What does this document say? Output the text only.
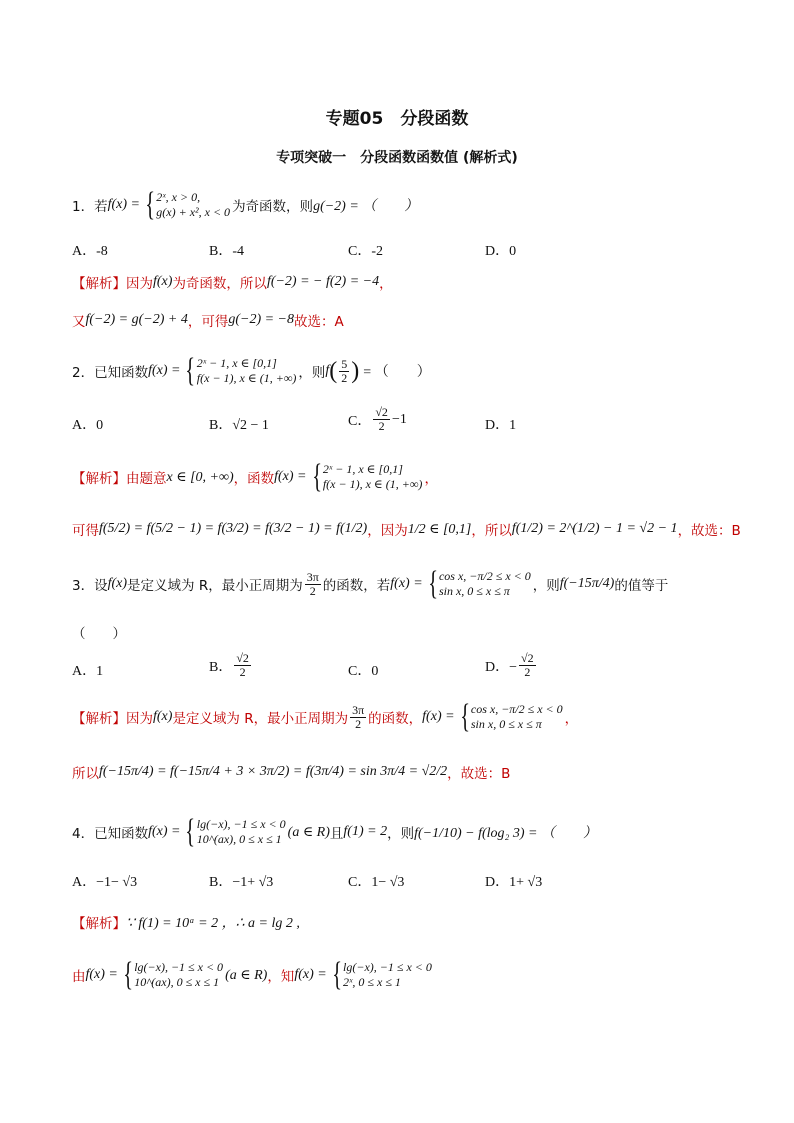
专题05　分段函数
专项突破一　分段函数函数值 (解析式)
1．若 f(x) = { 2ˣ, x > 0,
g(x) + x², x < 0 为奇函数，则 g(−2) = （　　）
A．-8	B．-4	C．-2	D．0
【解析】 因为 f(x) 为奇函数，所以 f(−2) = − f(2) = −4 ，
又 f(−2) = g(−2) + 4 ，可得 g(−2) = −8 故选：A
2．已知函数 f(x) = { 2ˣ − 1, x ∈ [0,1]
f(x − 1), x ∈ (1, +∞) ，则 f ( $\frac{5}{2}$ ) = （　　）
A．0	B．√2 − 1	C． $\frac{√2}{2} -1$	D．1
【解析】 由题意 x ∈ [0, +∞) ，函数 f(x) = { 2ˣ − 1, x ∈ [0,1]
f(x − 1), x ∈ (1, +∞) ，
可得 f(5/2) = f(5/2 − 1) = f(3/2) = f(3/2 − 1) = f(1/2) ，因为 1/2 ∈ [0,1] ，所以 f(1/2) = 2^(1/2) − 1 = √2 − 1 ，故选：B
3．设 f(x) 是定义域为 R，最小正周期为 $\frac{3\pi}{2}$ 的函数，若 f(x) = { cos x, −π/2 ≤ x < 0
sin x, 0 ≤ x ≤ π	，则 f(−15π/4) 的值等于
（　　）
A．1	B． $\frac{√2}{2}$	C．0	D．− $\frac{√2}{2}$
【解析】 因为 f(x) 是定义域为 R，最小正周期为 $\frac{3\pi}{2}$ 的函数， f(x) = { cos x, −π/2 ≤ x < 0
sin x, 0 ≤ x ≤ π	，
所以 f(−15π/4) = f(−15π/4 + 3 × 3π/2) = f(3π/4) = sin 3π/4 = √2/2 ，故选：B
4．已知函数 f(x) = { lg(−x), −1 ≤ x < 0
10^(ax), 0 ≤ x ≤ 1 (a ∈ R) 且 f(1) = 2 ，则 f(−1/10) − f(log₂ 3) = （　　）
A．−1− √3	B．−1+ √3	C．1− √3	D．1+ √3
【解析】 ∵ f(1) = 10ᵃ = 2 ，∴ a = lg 2 ,
由 f(x) = { lg(−x), −1 ≤ x < 0
10^(ax), 0 ≤ x ≤ 1 (a ∈ R) ，知 f(x) = { lg(−x), −1 ≤ x < 0
2ˣ, 0 ≤ x ≤ 1
